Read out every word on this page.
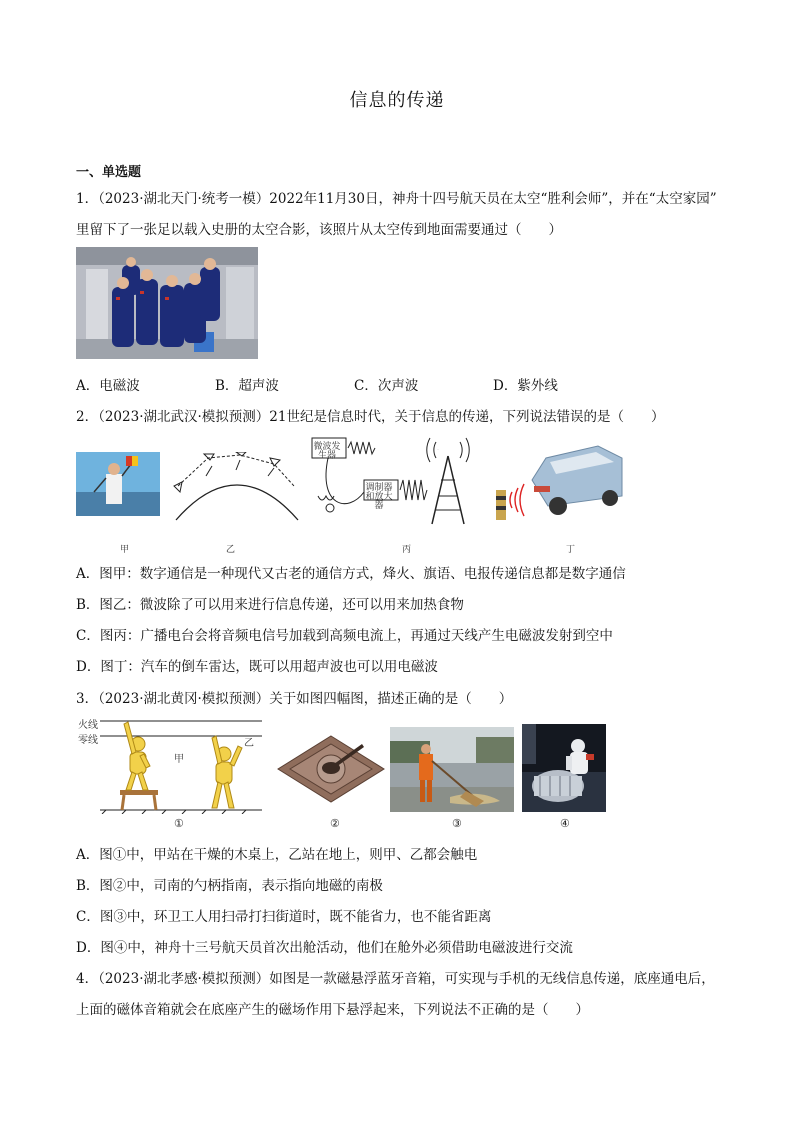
信息的传递
一、单选题
1．（2023·湖北天门·统考一模）2022年11月30日，神舟十四号航天员在太空“胜利会师”，并在“太空家园”
里留下了一张足以载入史册的太空合影，该照片从太空传到地面需要通过（　　）
A．电磁波	B．超声波	C．次声波	D．紫外线
2．（2023·湖北武汉·模拟预测）21世纪是信息时代，关于信息的传递，下列说法错误的是（　　）
微波发生器
调制器和放大器
甲	乙	丙	丁
A．图甲：数字通信是一种现代又古老的通信方式，烽火、旗语、电报传递信息都是数字通信
B．图乙：微波除了可以用来进行信息传递，还可以用来加热食物
C．图丙：广播电台会将音频电信号加载到高频电流上，再通过天线产生电磁波发射到空中
D．图丁：汽车的倒车雷达，既可以用超声波也可以用电磁波
3．（2023·湖北黄冈·模拟预测）关于如图四幅图，描述正确的是（　　）
火线
零线
甲
乙
①	②	③	④
A．图①中，甲站在干燥的木桌上，乙站在地上，则甲、乙都会触电
B．图②中，司南的勺柄指南，表示指向地磁的南极
C．图③中，环卫工人用扫帚打扫街道时，既不能省力，也不能省距离
D．图④中，神舟十三号航天员首次出舱活动，他们在舱外必须借助电磁波进行交流
4．（2023·湖北孝感·模拟预测）如图是一款磁悬浮蓝牙音箱，可实现与手机的无线信息传递，底座通电后，
上面的磁体音箱就会在底座产生的磁场作用下悬浮起来，下列说法不正确的是（　　）
